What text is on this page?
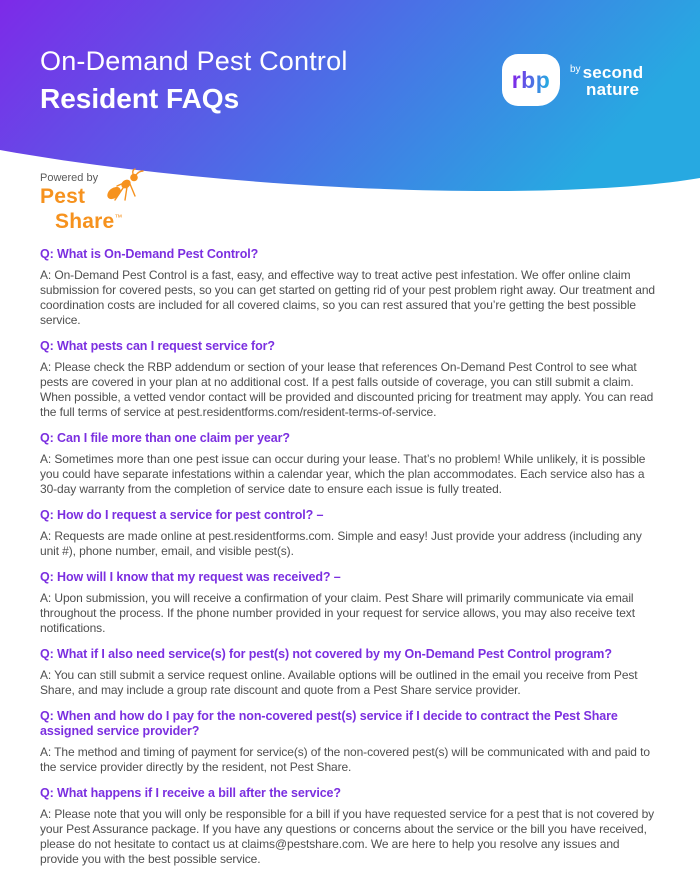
On-Demand Pest Control
Resident FAQs
rbp $^{by}$ second
nature
Powered by
Pest
Share™

Q: What is On-Demand Pest Control?

A: On-Demand Pest Control is a fast, easy, and effective way to treat active pest infestation. We offer online claim submission for covered pests, so you can get started on getting rid of your pest problem right away. Our treatment and coordination costs are included for all covered claims, so you can rest assured that you’re getting the best possible service.

Q: What pests can I request service for?

A: Please check the RBP addendum or section of your lease that references On-Demand Pest Control to see what pests are covered in your plan at no additional cost. If a pest falls outside of coverage, you can still submit a claim. When possible, a vetted vendor contact will be provided and discounted pricing for treatment may apply. You can read the full terms of service at pest.residentforms.com/resident-terms-of-service.

Q: Can I file more than one claim per year?

A: Sometimes more than one pest issue can occur during your lease. That’s no problem! While unlikely, it is possible you could have separate infestations within a calendar year, which the plan accommodates. Each service also has a 30-day warranty from the completion of service date to ensure each issue is fully treated.

Q: How do I request a service for pest control? –

A: Requests are made online at pest.residentforms.com. Simple and easy! Just provide your address (including any unit #), phone number, email, and visible pest(s).

Q: How will I know that my request was received? –

A: Upon submission, you will receive a confirmation of your claim. Pest Share will primarily communicate via email throughout the process. If the phone number provided in your request for service allows, you may also receive text notifications.

Q: What if I also need service(s) for pest(s) not covered by my On-Demand Pest Control program?

A: You can still submit a service request online. Available options will be outlined in the email you receive from Pest Share, and may include a group rate discount and quote from a Pest Share service provider.

Q: When and how do I pay for the non-covered pest(s) service if I decide to contract the Pest Share assigned service provider?

A: The method and timing of payment for service(s) of the non-covered pest(s) will be communicated with and paid to the service provider directly by the resident, not Pest Share.

Q: What happens if I receive a bill after the service?

A: Please note that you will only be responsible for a bill if you have requested service for a pest that is not covered by your Pest Assurance package. If you have any questions or concerns about the service or the bill you have received, please do not hesitate to contact us at claims@pestshare.com. We are here to help you resolve any issues and provide you with the best possible service.
